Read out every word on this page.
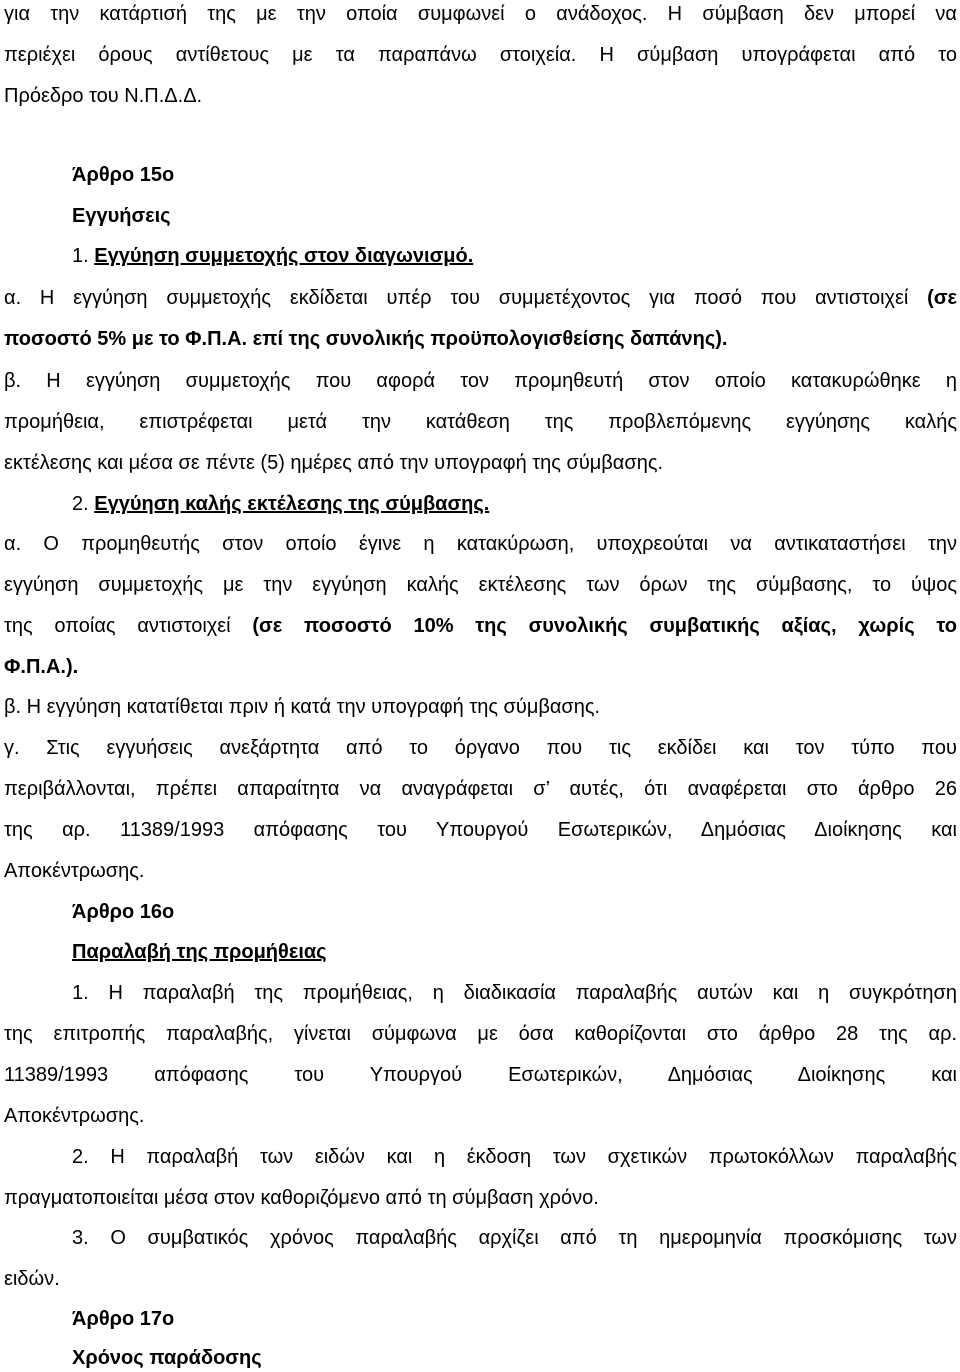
για την κατάρτισή της με την οποία συμφωνεί ο ανάδοχος. Η σύμβαση δεν μπορεί να
περιέχει όρους αντίθετους με τα παραπάνω στοιχεία. Η σύμβαση υπογράφεται από το
Πρόεδρο του Ν.Π.Δ.Δ.
Άρθρο 15ο
Εγγυήσεις
1. Εγγύηση συμμετοχής στον διαγωνισμό.
α. Η εγγύηση συμμετοχής εκδίδεται υπέρ του συμμετέχοντος για ποσό που αντιστοιχεί (σε
ποσοστό 5% με το Φ.Π.Α. επί της συνολικής προϋπολογισθείσης δαπάνης).
β. Η εγγύηση συμμετοχής που αφορά τον προμηθευτή στον οποίο κατακυρώθηκε η
προμήθεια, επιστρέφεται μετά την κατάθεση της προβλεπόμενης εγγύησης καλής
εκτέλεσης και μέσα σε πέντε (5) ημέρες από την υπογραφή της σύμβασης.
2. Εγγύηση καλής εκτέλεσης της σύμβασης.
α. Ο προμηθευτής στον οποίο έγινε η κατακύρωση, υποχρεούται να αντικαταστήσει την
εγγύηση συμμετοχής με την εγγύηση καλής εκτέλεσης των όρων της σύμβασης, το ύψος
της οποίας αντιστοιχεί (σε ποσοστό 10% της συνολικής συμβατικής αξίας, χωρίς το
Φ.Π.Α.).
β. Η εγγύηση κατατίθεται πριν ή κατά την υπογραφή της σύμβασης.
γ. Στις εγγυήσεις ανεξάρτητα από το όργανο που τις εκδίδει και τον τύπο που
περιβάλλονται, πρέπει απαραίτητα να αναγράφεται σ’ αυτές, ότι αναφέρεται στο άρθρο 26
της αρ. 11389/1993 απόφασης του Υπουργού Εσωτερικών, Δημόσιας Διοίκησης και
Αποκέντρωσης.
Άρθρο 16ο
Παραλαβή της προμήθειας
1. Η παραλαβή της προμήθειας, η διαδικασία παραλαβής αυτών και η συγκρότηση
της επιτροπής παραλαβής, γίνεται σύμφωνα με όσα καθορίζονται στο άρθρο 28 της αρ.
11389/1993 απόφασης του Υπουργού Εσωτερικών, Δημόσιας Διοίκησης και
Αποκέντρωσης.
2. Η παραλαβή των ειδών και η έκδοση των σχετικών πρωτοκόλλων παραλαβής
πραγματοποιείται μέσα στον καθοριζόμενο από τη σύμβαση χρόνο.
3. Ο συμβατικός χρόνος παραλαβής αρχίζει από τη ημερομηνία προσκόμισης των
ειδών.
Άρθρο 17ο
Χρόνος παράδοσης
